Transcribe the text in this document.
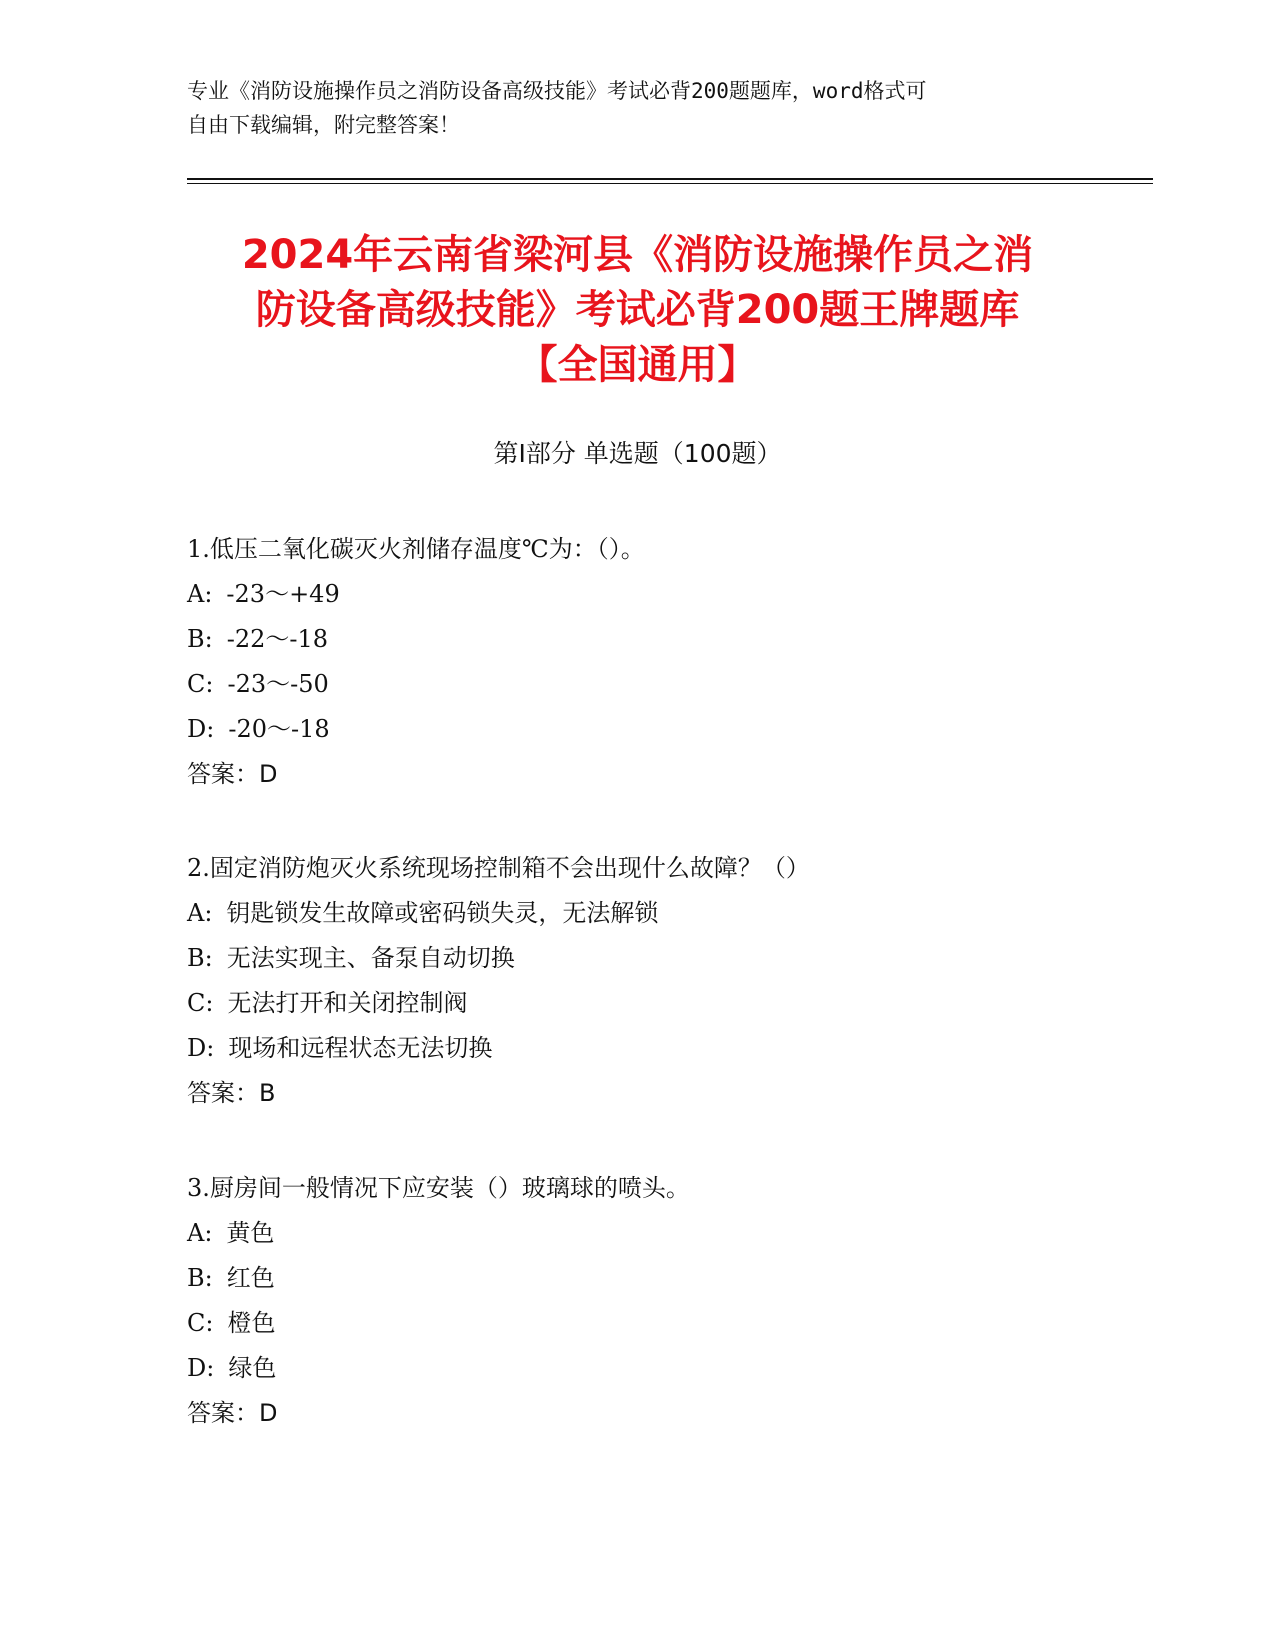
专业《消防设施操作员之消防设备高级技能》考试必背200题题库，word格式可
自由下载编辑，附完整答案！
2024年云南省梁河县《消防设施操作员之消
防设备高级技能》考试必背200题王牌题库
【全国通用】
第I部分 单选题（100题）
1.低压二氧化碳灭火剂储存温度℃为：（）。
A: -23～+49
B: -22～-18
C: -23～-50
D: -20～-18
答案：D
2.固定消防炮灭火系统现场控制箱不会出现什么故障？（）
A: 钥匙锁发生故障或密码锁失灵，无法解锁
B: 无法实现主、备泵自动切换
C: 无法打开和关闭控制阀
D: 现场和远程状态无法切换
答案：B
3.厨房间一般情况下应安装（）玻璃球的喷头。
A: 黄色
B: 红色
C: 橙色
D: 绿色
答案：D
